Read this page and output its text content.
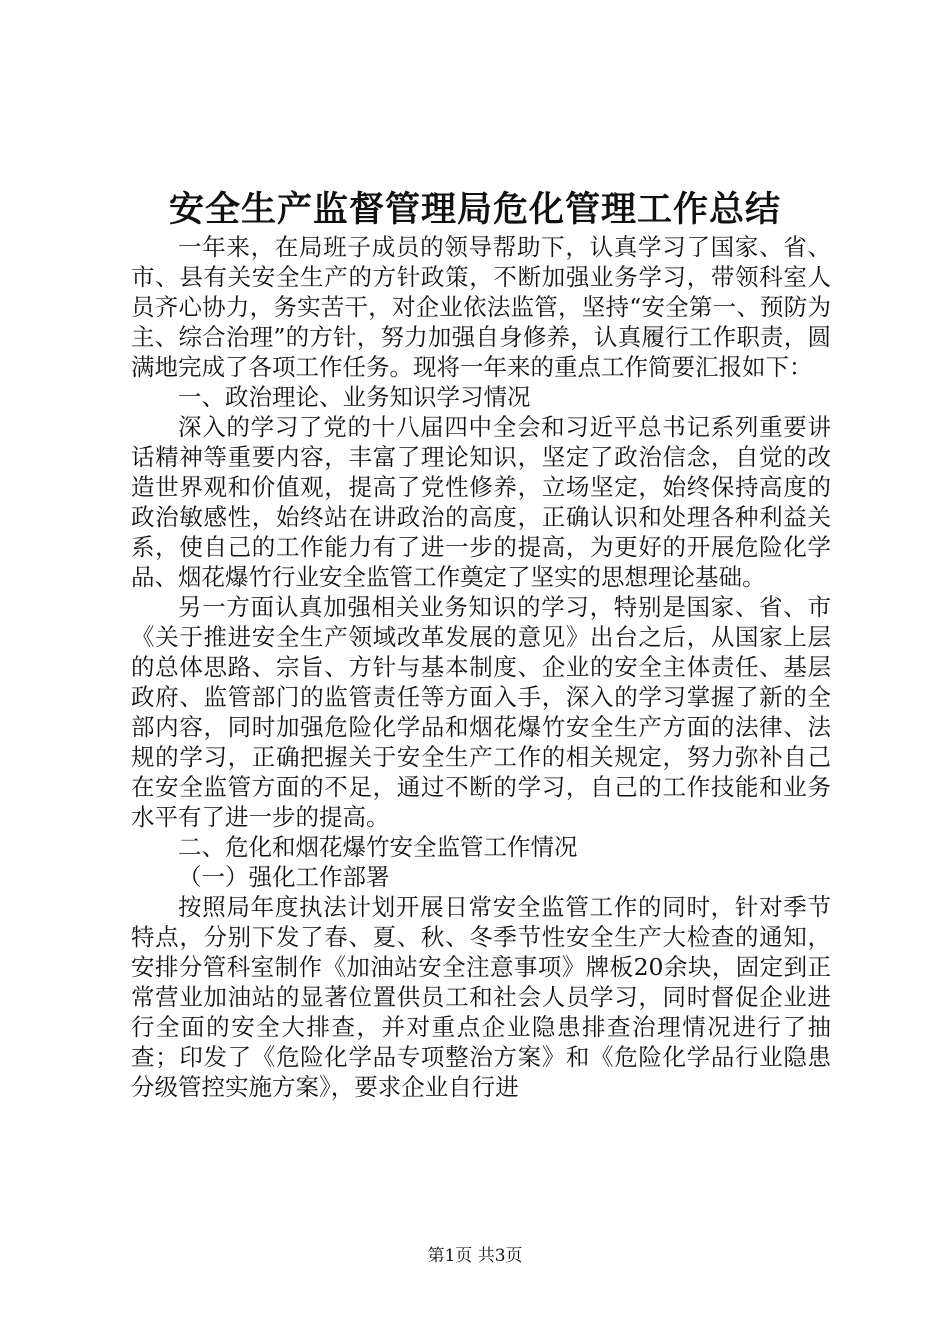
安全生产监督管理局危化管理工作总结

一年来，在局班子成员的领导帮助下，认真学习了国家、省、市、县有关安全生产的方针政策，不断加强业务学习，带领科室人员齐心协力，务实苦干，对企业依法监管，坚持“安全第一、预防为主、综合治理”的方针，努力加强自身修养，认真履行工作职责，圆满地完成了各项工作任务。现将一年来的重点工作简要汇报如下：

一、政治理论、业务知识学习情况

深入的学习了党的十八届四中全会和习近平总书记系列重要讲话精神等重要内容，丰富了理论知识，坚定了政治信念，自觉的改造世界观和价值观，提高了党性修养，立场坚定，始终保持高度的政治敏感性，始终站在讲政治的高度，正确认识和处理各种利益关系，使自己的工作能力有了进一步的提高，为更好的开展危险化学品、烟花爆竹行业安全监管工作奠定了坚实的思想理论基础。

另一方面认真加强相关业务知识的学习，特别是国家、省、市《关于推进安全生产领域改革发展的意见》出台之后，从国家上层的总体思路、宗旨、方针与基本制度、企业的安全主体责任、基层政府、监管部门的监管责任等方面入手，深入的学习掌握了新的全部内容，同时加强危险化学品和烟花爆竹安全生产方面的法律、法规的学习，正确把握关于安全生产工作的相关规定，努力弥补自己在安全监管方面的不足，通过不断的学习，自己的工作技能和业务水平有了进一步的提高。

二、危化和烟花爆竹安全监管工作情况

（一）强化工作部署

按照局年度执法计划开展日常安全监管工作的同时，针对季节特点，分别下发了春、夏、秋、冬季节性安全生产大检查的通知，安排分管科室制作《加油站安全注意事项》牌板20余块，固定到正常营业加油站的显著位置供员工和社会人员学习，同时督促企业进行全面的安全大排查，并对重点企业隐患排查治理情况进行了抽查；印发了《危险化学品专项整治方案》和《危险化学品行业隐患分级管控实施方案》，要求企业自行进

第1页 共3页
